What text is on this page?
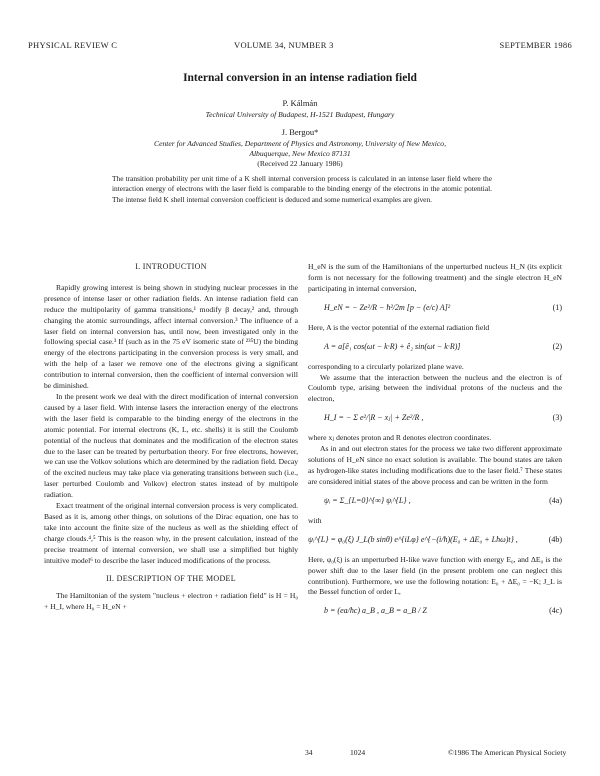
PHYSICAL REVIEW C	VOLUME 34, NUMBER 3	SEPTEMBER 1986
Internal conversion in an intense radiation field
P. Kálmán
Technical University of Budapest, H-1521 Budapest, Hungary
J. Bergou*
Center for Advanced Studies, Department of Physics and Astronomy, University of New Mexico,
Albuquerque, New Mexico 87131
(Received 22 January 1986)
The transition probability per unit time of a K shell internal conversion process is calculated in an intense laser field where the interaction energy of electrons with the laser field is comparable to the binding energy of the electrons in the atomic potential. The intense field K shell internal conversion coefficient is deduced and some numerical examples are given.
I. INTRODUCTION

Rapidly growing interest is being shown in studying nuclear processes in the presence of intense laser or other radiation fields. An intense radiation field can reduce the multipolarity of gamma transitions,¹ modify β decay,² and, through changing the atomic surroundings, affect internal conversion.³ The influence of a laser field on internal conversion has, until now, been investigated only in the following special case.³ If (such as in the 75 eV isomeric state of ²³⁵U) the binding energy of the electrons participating in the conversion process is very small, and with the help of a laser we remove one of the electrons giving a significant contribution to internal conversion, then the coefficient of internal conversion will be diminished.

In the present work we deal with the direct modification of internal conversion caused by a laser field. With intense lasers the interaction energy of the electrons with the laser field is comparable to the binding energy of the electrons in the atomic potential. For internal electrons (K, L, etc. shells) it is still the Coulomb potential of the nucleus that dominates and the modification of the electron states due to the laser can be treated by perturbation theory. For free electrons, however, we can use the Volkov solutions which are determined by the radiation field. Decay of the excited nucleus may take place via generating transitions between such (i.e., laser perturbed Coulomb and Volkov) electron states instead of by multipole radiation.

Exact treatment of the original internal conversion process is very complicated. Based as it is, among other things, on solutions of the Dirac equation, one has to take into account the finite size of the nucleus as well as the shielding effect of charge clouds.⁴,⁵ This is the reason why, in the present calculation, instead of the precise treatment of internal conversion, we shall use a simplified but highly intuitive model⁶ to describe the laser induced modifications of the process.

II. DESCRIPTION OF THE MODEL

The Hamiltonian of the system "nucleus + electron + radiation field" is H = H₀ + H_I, where H₀ = H_eN +

H_eN is the sum of the Hamiltonians of the unperturbed nucleus H_N (its explicit form is not necessary for the following treatment) and the single electron H_eN participating in internal conversion,

H_eN = − Ze²/R − ħ²/2m [p − (e/c) A]²	(1)

Here, A is the vector potential of the external radiation field

A = a[ê₁ cos(ωt − k·R) + ê₂ sin(ωt − k·R)]	(2)

corresponding to a circularly polarized plane wave.

We assume that the interaction between the nucleus and the electron is of Coulomb type, arising between the individual protons of the nucleus and the electron,

H_I = − Σ e²/|R − xⱼ| + Ze²/R ,	(3)

where xⱼ denotes proton and R denotes electron coordinates.

As in and out electron states for the process we take two different approximate solutions of H_eN since no exact solution is available. The bound states are taken as hydrogen-like states including modifications due to the laser field.⁷ These states are considered initial states of the above process and can be written in the form

ψᵢ = Σ_{L=0}^{∞} ψᵢ^{L} ,	(4a)

with

ψᵢ^{L} = φ₀(ξ) J_L(b sinθ) e^{iLφ} e^{−(i/ħ)(E₀ + ΔE₀ + Lħω)t} ,	(4b)

Here, φ₀(ξ) is an unperturbed H-like wave function with energy E₀, and ΔE₀ is the power shift due to the laser field (in the present problem one can neglect this contribution). Furthermore, we use the following notation: E₀ + ΔE₀ = −K; J_L is the Bessel function of order L,

b = (ea/ħc) a_B , a_B = a_B / Z	(4c)
34	1024	©1986 The American Physical Society
